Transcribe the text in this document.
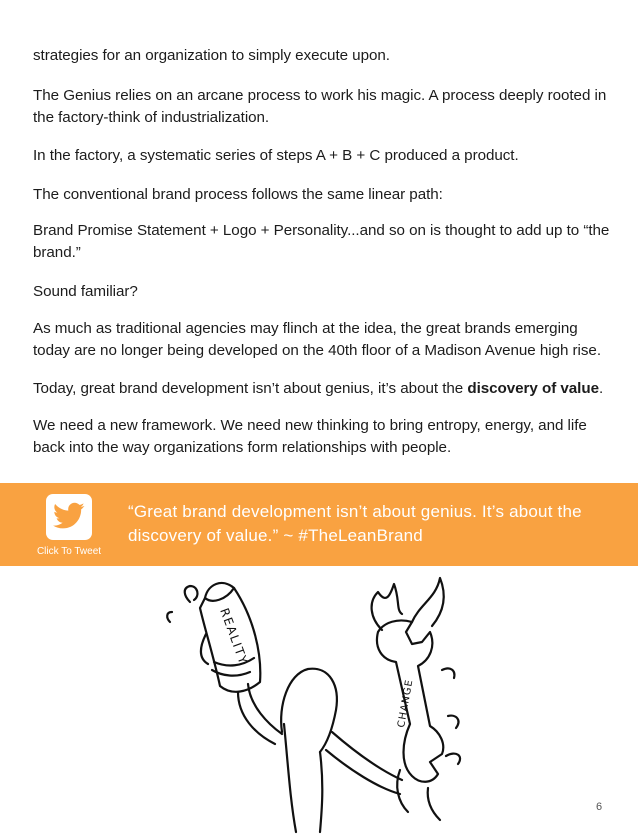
strategies for an organization to simply execute upon.

The Genius relies on an arcane process to work his magic. A process deeply rooted in the factory-think of industrialization.

In the factory, a systematic series of steps A + B + C produced a product.

The conventional brand process follows the same linear path:

Brand Promise Statement + Logo + Personality...and so on is thought to add up to “the brand.”

Sound familiar?

As much as traditional agencies may flinch at the idea, the great brands emerging today are no longer being developed on the 40th floor of a Madison Avenue high rise.

Today, great brand development isn’t about genius, it’s about the discovery of value.

We need a new framework. We need new thinking to bring entropy, energy, and life back into the way organizations form relationships with people.

Click To Tweet
“Great brand development isn’t about genius. It’s about the discovery of value.” ~ #TheLeanBrand
REALITY
CHANGE
6
